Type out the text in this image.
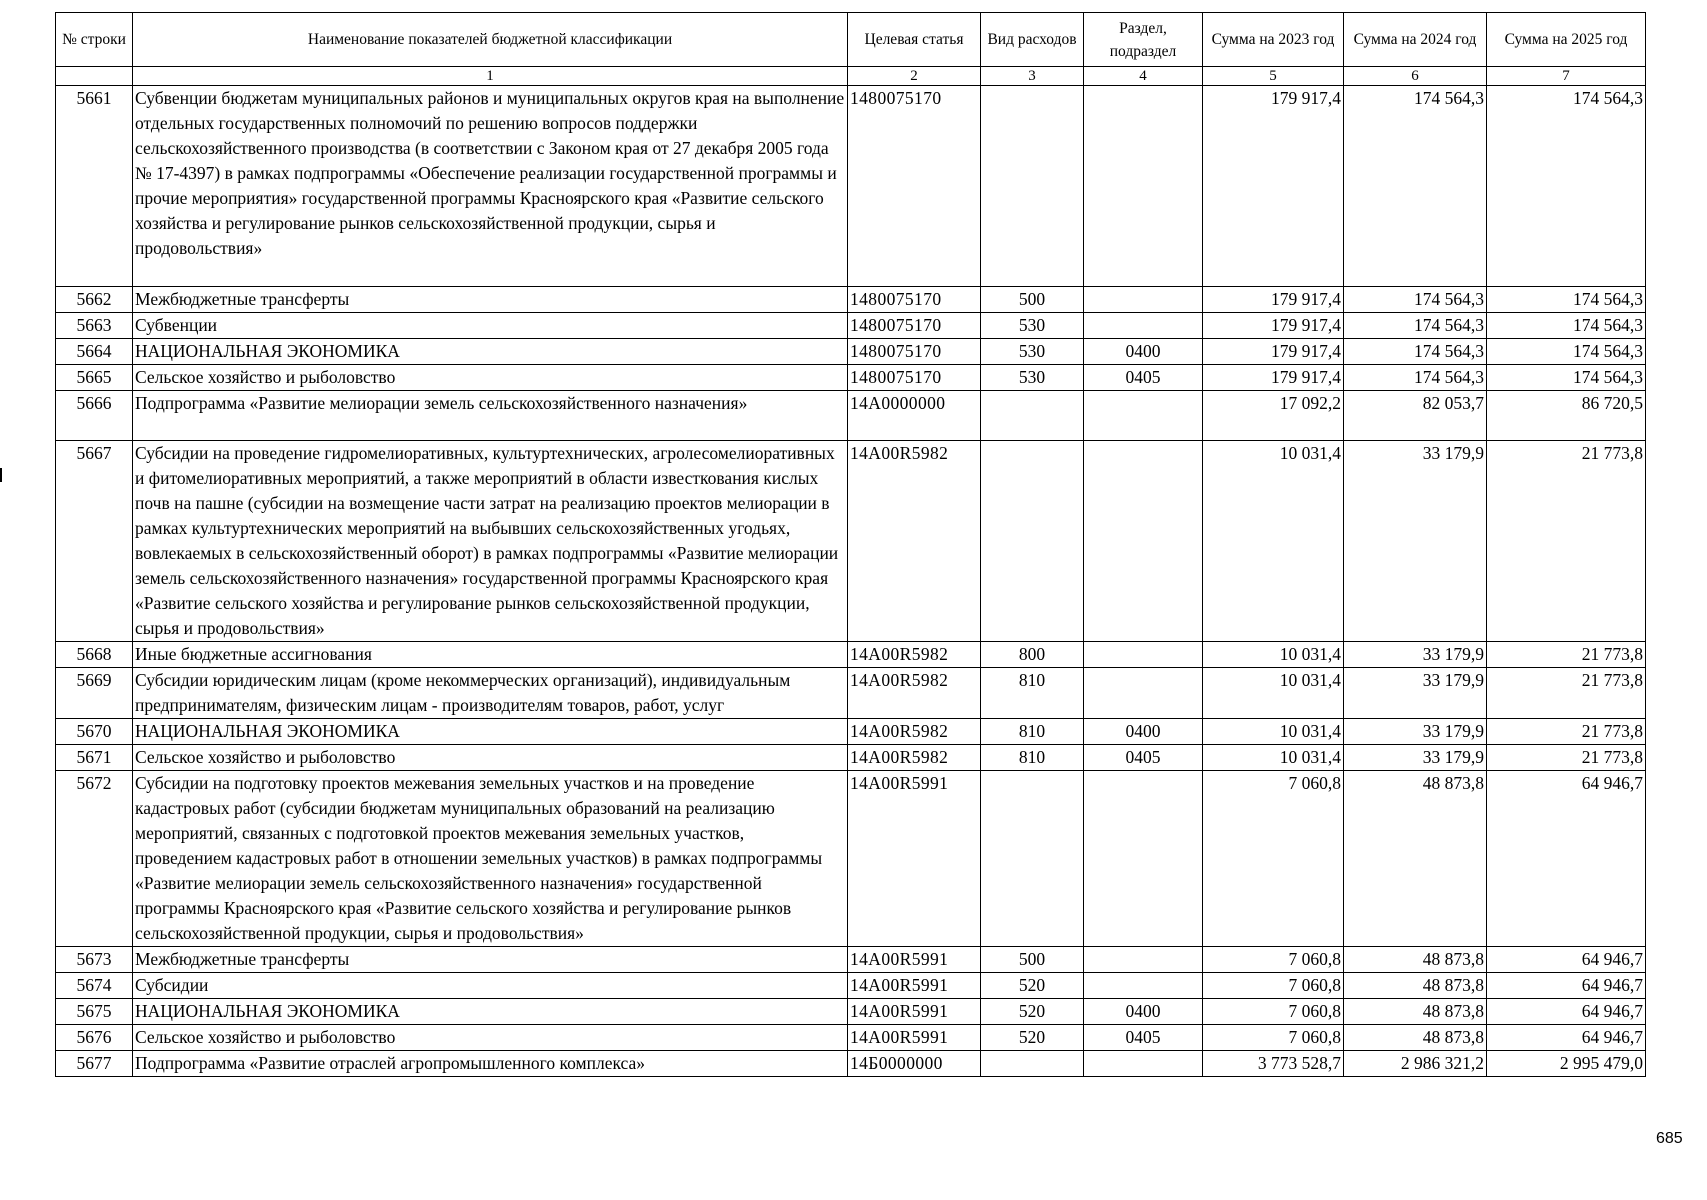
№ строки	Наименование показателей бюджетной классификации	Целевая статья	Вид расходов	Раздел, подраздел	Сумма на 2023 год	Сумма на 2024 год	Сумма на 2025 год
	1	2	3	4	5	6	7
5661	Субвенции бюджетам муниципальных районов и муниципальных округов края на выполнение отдельных государственных полномочий по решению вопросов поддержки сельскохозяйственного производства (в соответствии с Законом края от 27 декабря 2005 года № 17-4397) в рамках подпрограммы «Обеспечение реализации государственной программы и прочие мероприятия» государственной программы Красноярского края «Развитие сельского хозяйства и регулирование рынков сельскохозяйственной продукции, сырья и продовольствия»	1480075170			179 917,4	174 564,3	174 564,3
5662	Межбюджетные трансферты	1480075170	500		179 917,4	174 564,3	174 564,3
5663	Субвенции	1480075170	530		179 917,4	174 564,3	174 564,3
5664	НАЦИОНАЛЬНАЯ ЭКОНОМИКА	1480075170	530	0400	179 917,4	174 564,3	174 564,3
5665	Сельское хозяйство и рыболовство	1480075170	530	0405	179 917,4	174 564,3	174 564,3
5666	Подпрограмма «Развитие мелиорации земель сельскохозяйственного назначения»	14А0000000			17 092,2	82 053,7	86 720,5
5667	Субсидии на проведение гидромелиоративных, культуртехнических, агролесомелиоративных и фитомелиоративных мероприятий, а также мероприятий в области известкования кислых почв на пашне (субсидии на возмещение части затрат на реализацию проектов мелиорации в рамках культуртехнических мероприятий на выбывших сельскохозяйственных угодьях, вовлекаемых в сельскохозяйственный оборот) в рамках подпрограммы «Развитие мелиорации земель сельскохозяйственного назначения» государственной программы Красноярского края «Развитие сельского хозяйства и регулирование рынков сельскохозяйственной продукции, сырья и продовольствия»	14А00R5982			10 031,4	33 179,9	21 773,8
5668	Иные бюджетные ассигнования	14А00R5982	800		10 031,4	33 179,9	21 773,8
5669	Субсидии юридическим лицам (кроме некоммерческих организаций), индивидуальным предпринимателям, физическим лицам - производителям товаров, работ, услуг	14А00R5982	810		10 031,4	33 179,9	21 773,8
5670	НАЦИОНАЛЬНАЯ ЭКОНОМИКА	14А00R5982	810	0400	10 031,4	33 179,9	21 773,8
5671	Сельское хозяйство и рыболовство	14А00R5982	810	0405	10 031,4	33 179,9	21 773,8
5672	Субсидии на подготовку проектов межевания земельных участков и на проведение кадастровых работ (субсидии бюджетам муниципальных образований на реализацию мероприятий, связанных с подготовкой проектов межевания земельных участков, проведением кадастровых работ в отношении земельных участков) в рамках подпрограммы «Развитие мелиорации земель сельскохозяйственного назначения» государственной программы Красноярского края «Развитие сельского хозяйства и регулирование рынков сельскохозяйственной продукции, сырья и продовольствия»	14А00R5991			7 060,8	48 873,8	64 946,7
5673	Межбюджетные трансферты	14А00R5991	500		7 060,8	48 873,8	64 946,7
5674	Субсидии	14А00R5991	520		7 060,8	48 873,8	64 946,7
5675	НАЦИОНАЛЬНАЯ ЭКОНОМИКА	14А00R5991	520	0400	7 060,8	48 873,8	64 946,7
5676	Сельское хозяйство и рыболовство	14А00R5991	520	0405	7 060,8	48 873,8	64 946,7
5677	Подпрограмма «Развитие отраслей агропромышленного комплекса»	14Б0000000			3 773 528,7	2 986 321,2	2 995 479,0
685
